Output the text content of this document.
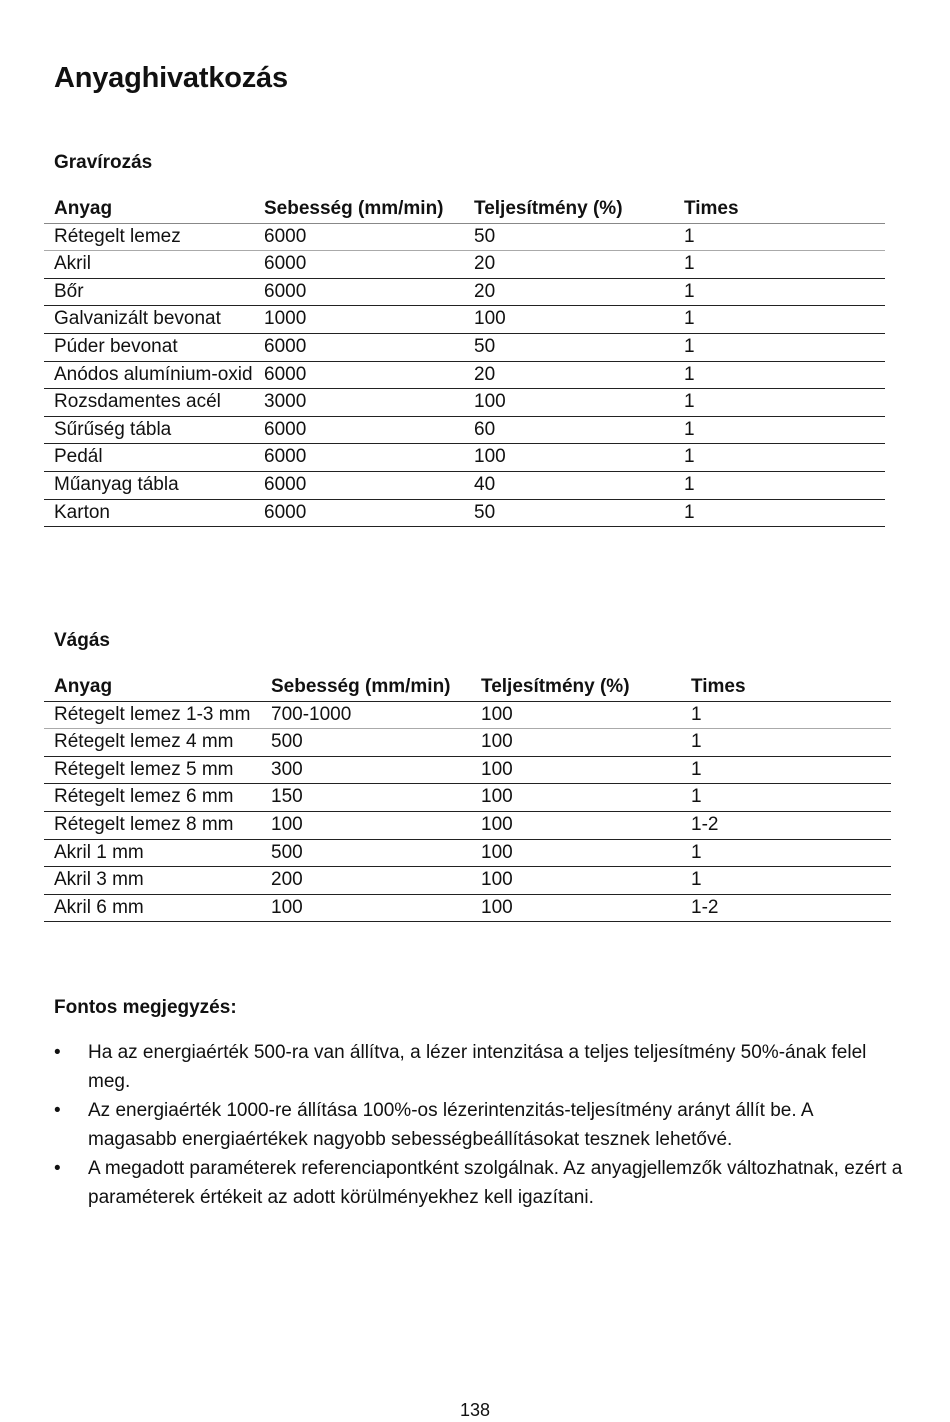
Anyaghivatkozás
Gravírozás
Anyag	Sebesség (mm/min)	Teljesítmény (%)	Times
Rétegelt lemez	6000	50	1
Akril	6000	20	1
Bőr	6000	20	1
Galvanizált bevonat	1000	100	1
Púder bevonat	6000	50	1
Anódos alumínium-oxid	6000	20	1
Rozsdamentes acél	3000	100	1
Sűrűség tábla	6000	60	1
Pedál	6000	100	1
Műanyag tábla	6000	40	1
Karton	6000	50	1
Vágás
Anyag	Sebesség (mm/min)	Teljesítmény (%)	Times
Rétegelt lemez 1-3 mm	700-1000	100	1
Rétegelt lemez 4 mm	500	100	1
Rétegelt lemez 5 mm	300	100	1
Rétegelt lemez 6 mm	150	100	1
Rétegelt lemez 8 mm	100	100	1-2
Akril 1 mm	500	100	1
Akril 3 mm	200	100	1
Akril 6 mm	100	100	1-2
Fontos megjegyzés:
•	Ha az energiaérték 500-ra van állítva, a lézer intenzitása a teljes teljesítmény 50%-ának felel meg.
•	Az energiaérték 1000-re állítása 100%-os lézerintenzitás-teljesítmény arányt állít be. A magasabb energiaértékek nagyobb sebességbeállításokat tesznek lehetővé.
•	A megadott paraméterek referenciapontként szolgálnak. Az anyagjellemzők változhatnak, ezért a paraméterek értékeit az adott körülményekhez kell igazítani.
138
